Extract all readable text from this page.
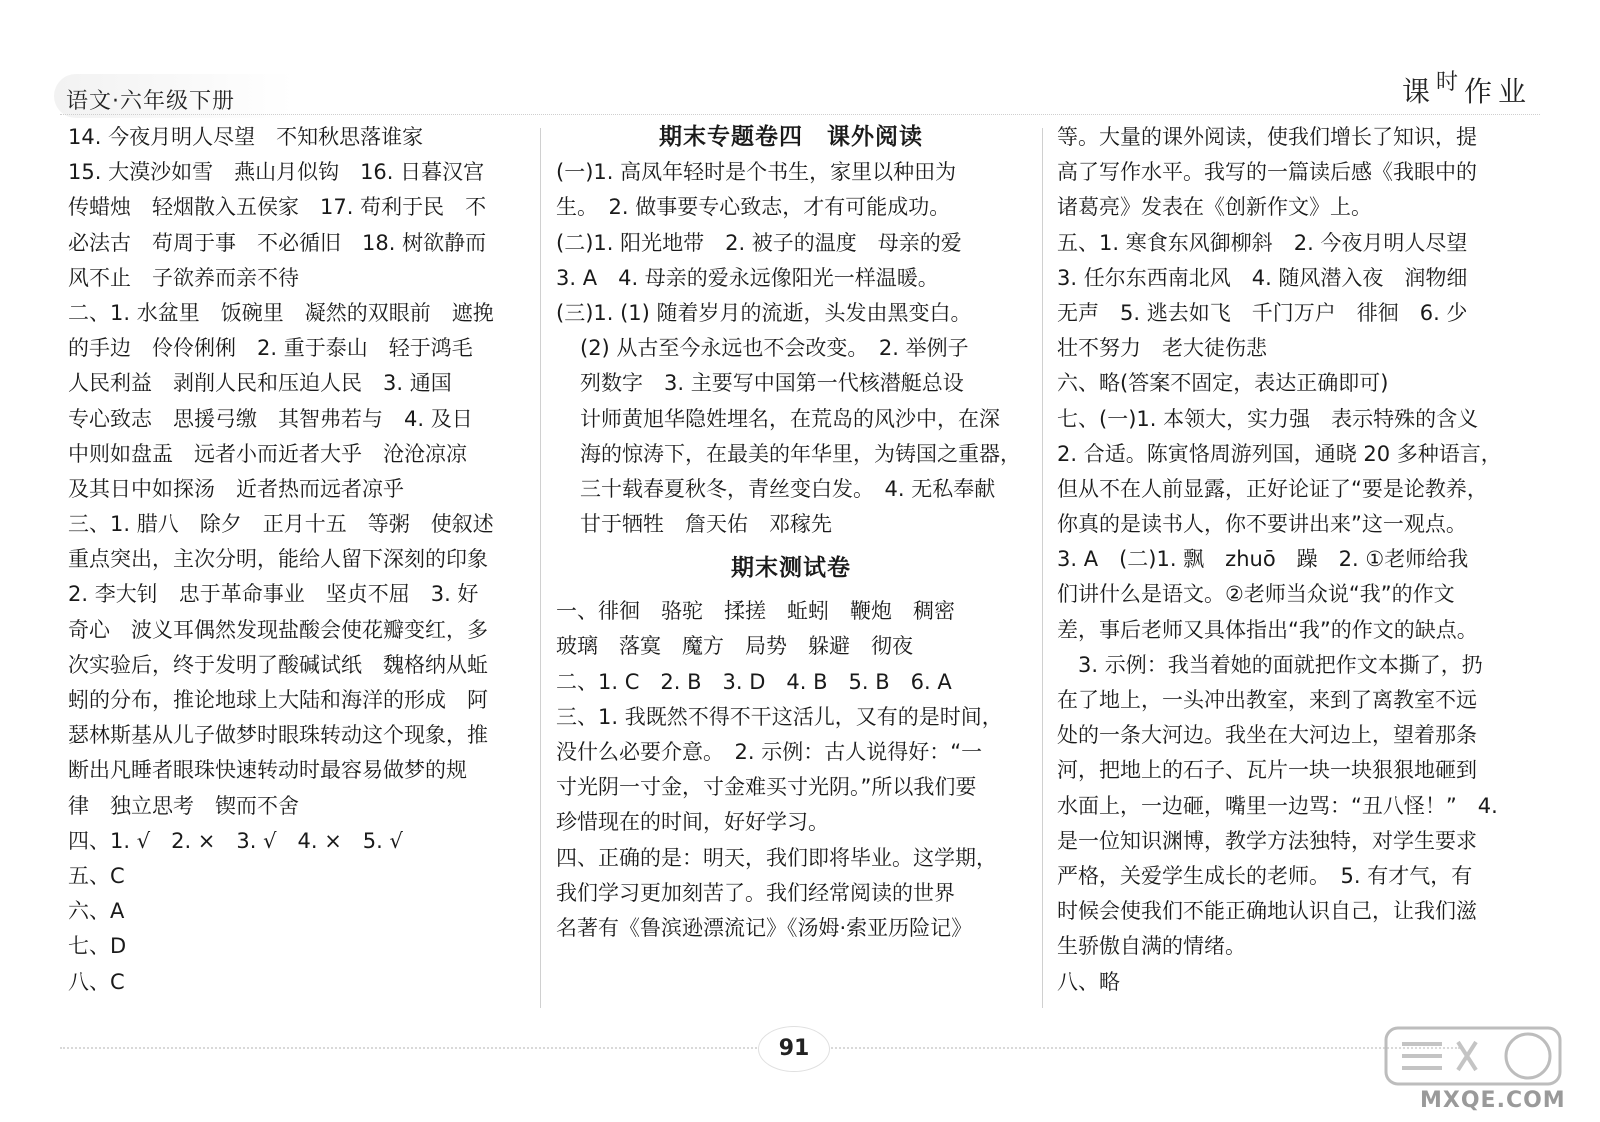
语文·六年级下册	课$^时$作业
14. 今夜月明人尽望　不知秋思落谁家
15. 大漠沙如雪　燕山月似钩　16. 日暮汉宫
传蜡烛　轻烟散入五侯家　17. 苟利于民　不
必法古　苟周于事　不必循旧　18. 树欲静而
风不止　子欲养而亲不待
二、1. 水盆里　饭碗里　凝然的双眼前　遮挽
的手边　伶伶俐俐　2. 重于泰山　轻于鸿毛
人民利益　剥削人民和压迫人民　3. 通国
专心致志　思援弓缴　其智弗若与　4. 及日
中则如盘盂　远者小而近者大乎　沧沧凉凉
及其日中如探汤　近者热而远者凉乎
三、1. 腊八　除夕　正月十五　等粥　使叙述
重点突出，主次分明，能给人留下深刻的印象
2. 李大钊　忠于革命事业　坚贞不屈　3. 好
奇心　波义耳偶然发现盐酸会使花瓣变红，多
次实验后，终于发明了酸碱试纸　魏格纳从蚯
蚓的分布，推论地球上大陆和海洋的形成　阿
瑟林斯基从儿子做梦时眼珠转动这个现象，推
断出凡睡者眼珠快速转动时最容易做梦的规
律　独立思考　锲而不舍
四、1. √　2. ×　3. √　4. ×　5. √
五、C
六、A
七、D
八、C
期末专题卷四　课外阅读
(一)1. 高凤年轻时是个书生，家里以种田为
生。　2. 做事要专心致志，才有可能成功。
(二)1. 阳光地带　2. 被子的温度　母亲的爱
3. A　4. 母亲的爱永远像阳光一样温暖。
(三)1. (1) 随着岁月的流逝，头发由黑变白。
(2) 从古至今永远也不会改变。　2. 举例子
列数字　3. 主要写中国第一代核潜艇总设
计师黄旭华隐姓埋名，在荒岛的风沙中，在深
海的惊涛下，在最美的年华里，为铸国之重器，
三十载春夏秋冬，青丝变白发。　4. 无私奉献
甘于牺牲　詹天佑　邓稼先
期末测试卷
一、徘徊　骆驼　揉搓　蚯蚓　鞭炮　稠密
玻璃　落寞　魔方　局势　躲避　彻夜
二、1. C　2. B　3. D　4. B　5. B　6. A
三、1. 我既然不得不干这活儿，又有的是时间，
没什么必要介意。　2. 示例：古人说得好：“一
寸光阴一寸金，寸金难买寸光阴。”所以我们要
珍惜现在的时间，好好学习。
四、正确的是：明天，我们即将毕业。这学期，
我们学习更加刻苦了。我们经常阅读的世界
名著有《鲁滨逊漂流记》《汤姆·索亚历险记》
等。大量的课外阅读，使我们增长了知识，提
高了写作水平。我写的一篇读后感《我眼中的
诸葛亮》发表在《创新作文》上。
五、1. 寒食东风御柳斜　2. 今夜月明人尽望
3. 任尔东西南北风　4. 随风潜入夜　润物细
无声　5. 逃去如飞　千门万户　徘徊　6. 少
壮不努力　老大徒伤悲
六、略(答案不固定，表达正确即可)
七、(一)1. 本领大，实力强　表示特殊的含义
2. 合适。陈寅恪周游列国，通晓 20 多种语言，
但从不在人前显露，正好论证了“要是论教养，
你真的是读书人，你不要讲出来”这一观点。
3. A　(二)1. 飘　zhuō　躁　2. ①老师给我
们讲什么是语文。②老师当众说“我”的作文
差，事后老师又具体指出“我”的作文的缺点。
　3. 示例：我当着她的面就把作文本撕了，扔
在了地上，一头冲出教室，来到了离教室不远
处的一条大河边。我坐在大河边上，望着那条
河，把地上的石子、瓦片一块一块狠狠地砸到
水面上，一边砸，嘴里一边骂：“丑八怪！”　4.
是一位知识渊博，教学方法独特，对学生要求
严格，关爱学生成长的老师。　5. 有才气，有
时候会使我们不能正确地认识自己，让我们滋
生骄傲自满的情绪。
八、略
91
MXQE.COM
